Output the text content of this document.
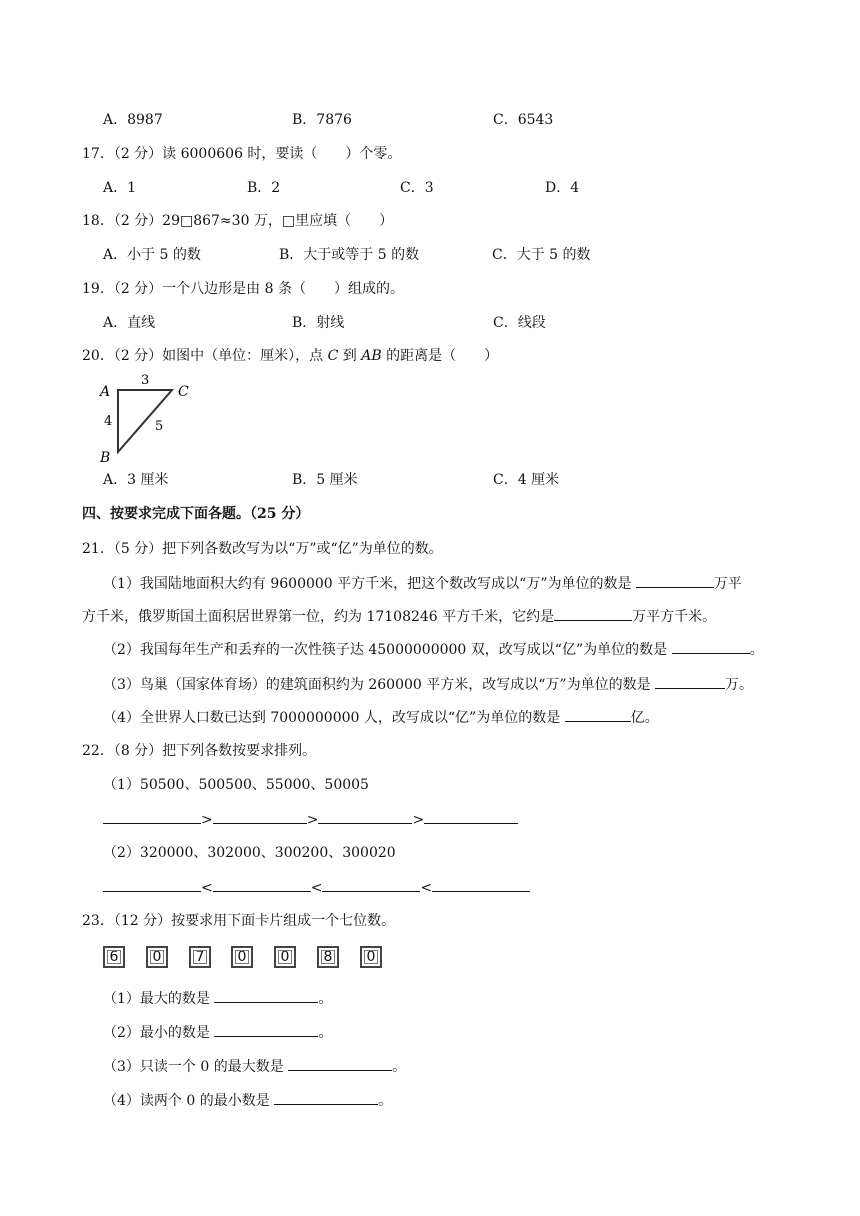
A．8987	B．7876	C．6543
17．（2 分）读 6000606 时，要读（　　）个零。
A．1	B．2	C．3	D．4
18．（2 分）29□867≈30 万，□里应填（　　）
A．小于 5 的数	B．大于或等于 5 的数	C．大于 5 的数
19．（2 分）一个八边形是由 8 条（　　）组成的。
A．直线	B．射线	C．线段
20．（2 分）如图中（单位：厘米），点 C 到 AB 的距离是（　　）
A	C
B
3
4	5
A．3 厘米	B．5 厘米	C．4 厘米
四、按要求完成下面各题。（25 分）
21．（5 分）把下列各数改写为以“万”或“亿”为单位的数。
（1）我国陆地面积大约有 9600000 平方千米，把这个数改写成以“万”为单位的数是	万平
方千米，俄罗斯国土面积居世界第一位，约为 17108246 平方千米，它约是	万平方千米。
（2）我国每年生产和丢弃的一次性筷子达 45000000000 双，改写成以“亿”为单位的数是	。
（3）鸟巢（国家体育场）的建筑面积约为 260000 平方米，改写成以“万”为单位的数是	万。
（4）全世界人口数已达到 7000000000 人，改写成以“亿”为单位的数是	亿。
22．（8 分）把下列各数按要求排列。
（1）50500、500500、55000、50005
>	>	>
（2）320000、302000、300200、300020
<	<	<
23．（12 分）按要求用下面卡片组成一个七位数。
6	0	7	0	0	8	0
（1）最大的数是	。
（2）最小的数是	。
（3）只读一个 0 的最大数是	。
（4）读两个 0 的最小数是	。
